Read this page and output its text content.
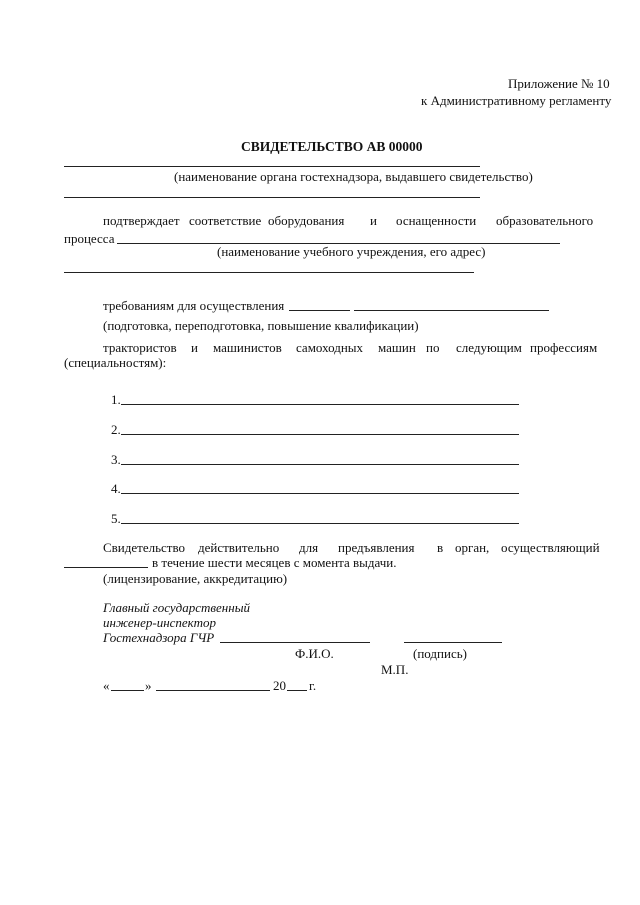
Приложение № 10
к Административному регламенту
СВИДЕТЕЛЬСТВО АВ 00000
(наименование органа гостехнадзора, выдавшего свидетельство)
подтверждает соответствие оборудования и оснащенности образовательного
процесса
(наименование учебного учреждения, его адрес)
требованиям для осуществления
(подготовка, переподготовка, повышение квалификации)
трактористов и машинистов самоходных машин по следующим профессиям
(специальностям):
1.
2.
3.
4.
5.
Свидетельство действительно для предъявления в орган, осуществляющий
в течение шести месяцев с момента выдачи.
(лицензирование, аккредитацию)
Главный государственный
инженер-инспектор
Гостехнадзора ГЧР
Ф.И.О.	(подпись)
М.П.
«	»	20 г.
